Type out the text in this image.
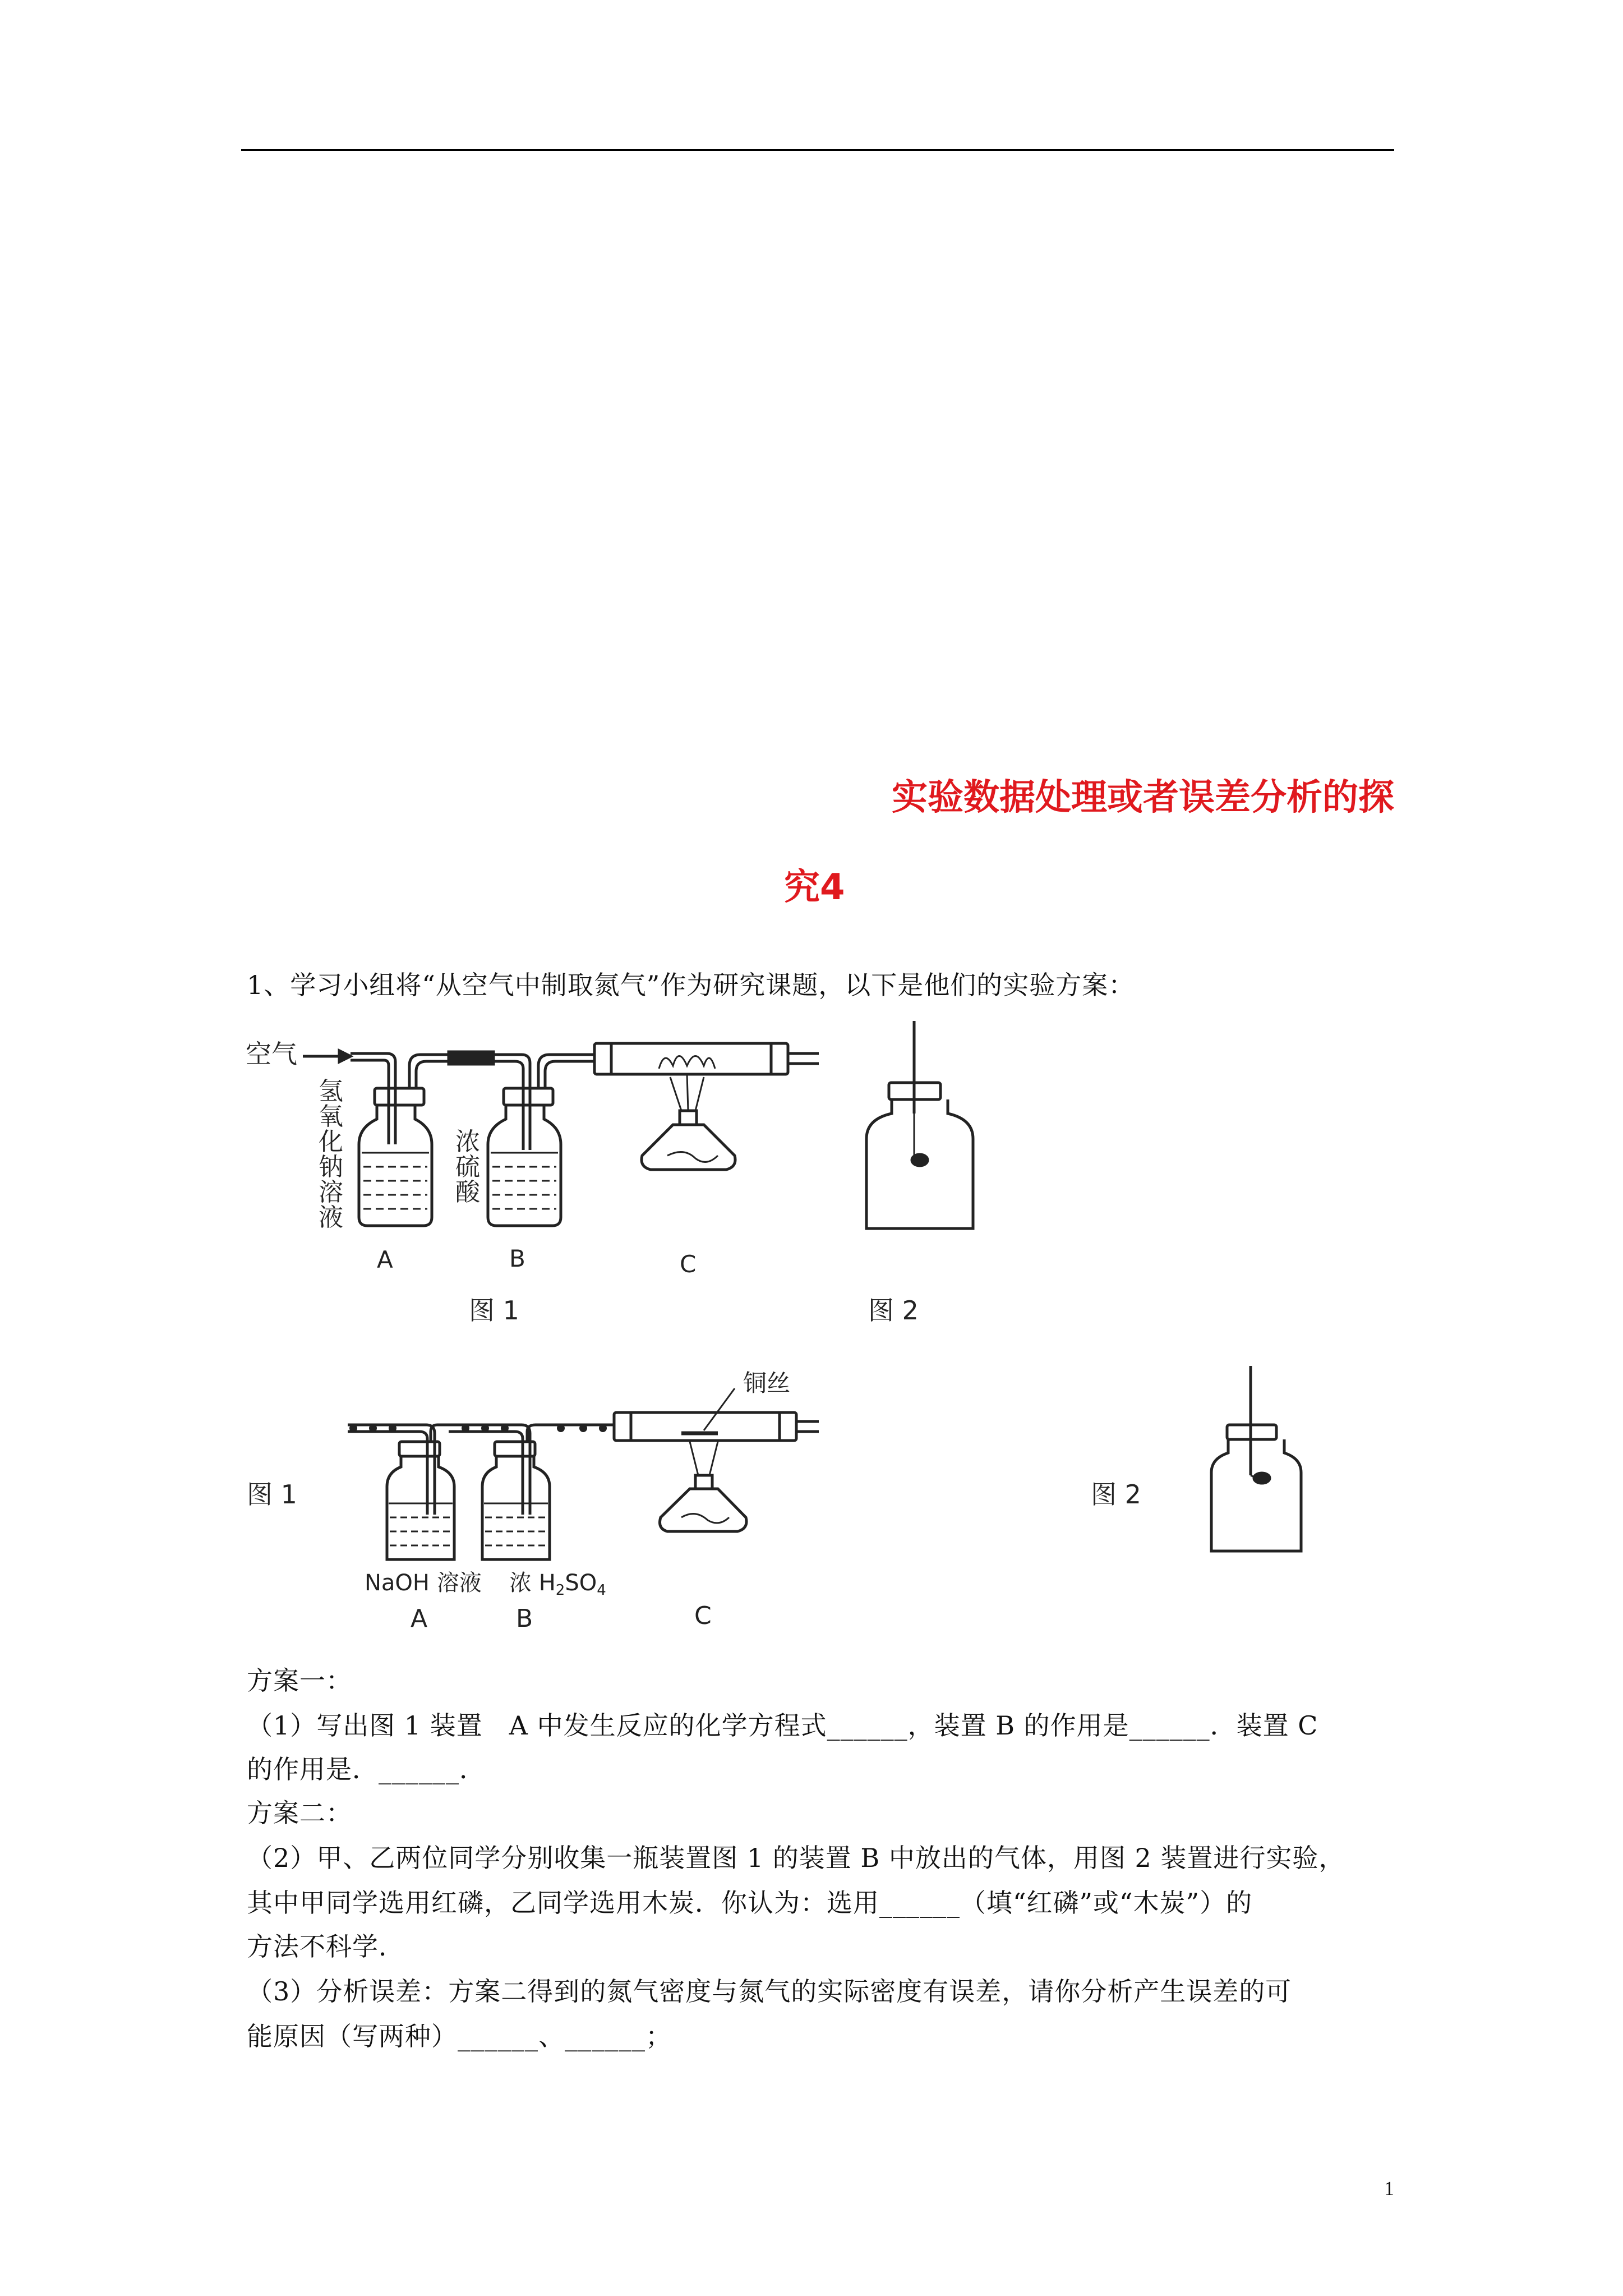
实验数据处理或者误差分析的探
究4
1、学习小组将“从空气中制取氮气”作为研究课题，以下是他们的实验方案：
空气
氢
氧
化
钠
溶
液
浓
硫
酸
A	B	C
图 1	图 2
铜丝
图 1	图 2
NaOH 溶液 浓 $H_2SO_4$
A	B	C
方案一：
（1）写出图 1 装置　A 中发生反应的化学方程式______，装置 B 的作用是______．装置 C
的作用是．______．
方案二：
（2）甲、乙两位同学分别收集一瓶装置图 1 的装置 B 中放出的气体，用图 2 装置进行实验，
其中甲同学选用红磷，乙同学选用木炭．你认为：选用______（填“红磷”或“木炭”）的
方法不科学．
（3）分析误差：方案二得到的氮气密度与氮气的实际密度有误差，请你分析产生误差的可
能原因（写两种）______、______；
1
